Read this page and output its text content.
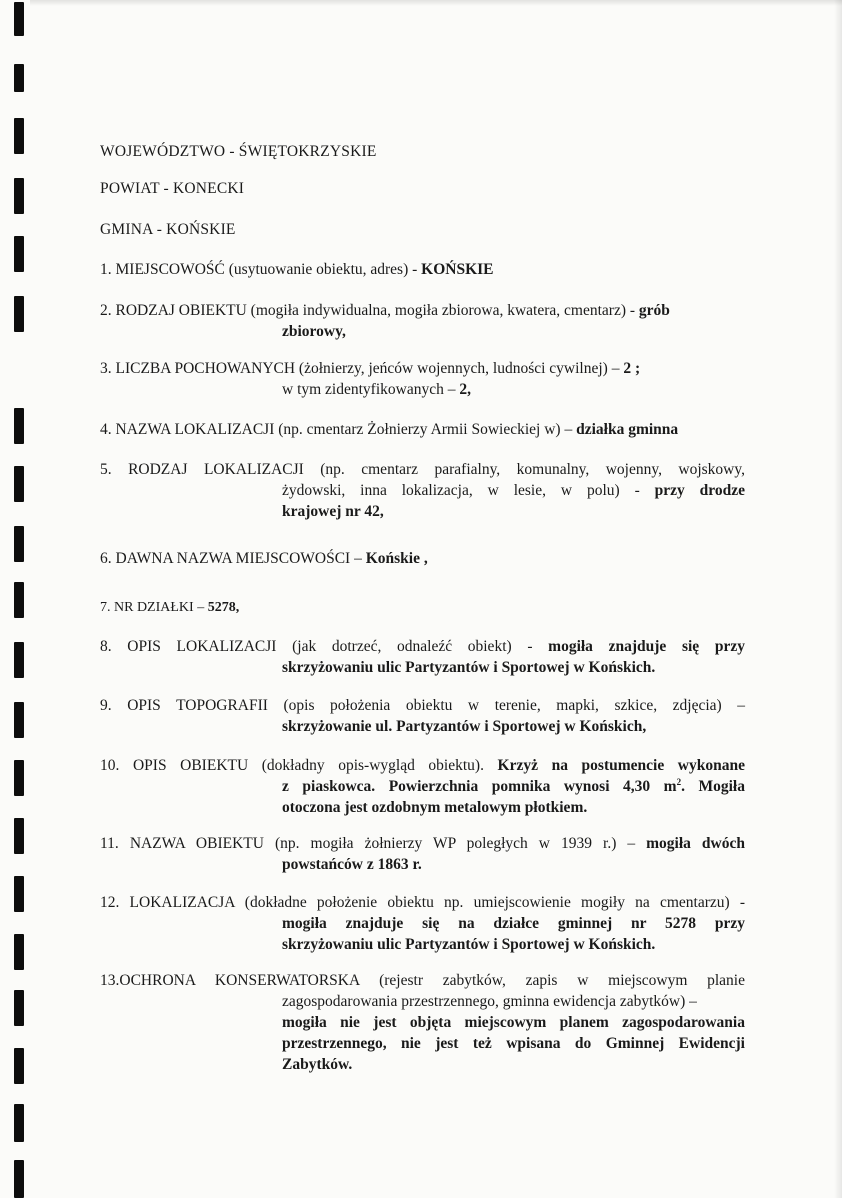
WOJEWÓDZTWO - ŚWIĘTOKRZYSKIE
POWIAT - KONECKI
GMINA - KOŃSKIE
1. MIEJSCOWOŚĆ (usytuowanie obiektu, adres) - KOŃSKIE
2. RODZAJ OBIEKTU (mogiła indywidualna, mogiła zbiorowa, kwatera, cmentarz) - grób
zbiorowy,
3. LICZBA POCHOWANYCH (żołnierzy, jeńców wojennych, ludności cywilnej) – 2 ;
w tym zidentyfikowanych – 2,
4. NAZWA LOKALIZACJI (np. cmentarz Żołnierzy Armii Sowieckiej w) – działka gminna
5. RODZAJ LOKALIZACJI (np. cmentarz parafialny, komunalny, wojenny, wojskowy,
żydowski, inna lokalizacja, w lesie, w polu) - przy drodze
krajowej nr 42,
6. DAWNA NAZWA MIEJSCOWOŚCI – Końskie ,
7. NR DZIAŁKI – 5278,
8. OPIS LOKALIZACJI (jak dotrzeć, odnaleźć obiekt) - mogiła znajduje się przy
skrzyżowaniu ulic Partyzantów i Sportowej w Końskich.
9. OPIS TOPOGRAFII (opis położenia obiektu w terenie, mapki, szkice, zdjęcia) –
skrzyżowanie ul. Partyzantów i Sportowej w Końskich,
10. OPIS OBIEKTU (dokładny opis-wygląd obiektu). Krzyż na postumencie wykonane
z piaskowca. Powierzchnia pomnika wynosi 4,30 $m^2$. Mogiła
otoczona jest ozdobnym metalowym płotkiem.
11. NAZWA OBIEKTU (np. mogiła żołnierzy WP poległych w 1939 r.) – mogiła dwóch
powstańców z 1863 r.
12. LOKALIZACJA (dokładne położenie obiektu np. umiejscowienie mogiły na cmentarzu) -
mogiła znajduje się na działce gminnej nr 5278 przy
skrzyżowaniu ulic Partyzantów i Sportowej w Końskich.
13.OCHRONA KONSERWATORSKA (rejestr zabytków, zapis w miejscowym planie
zagospodarowania przestrzennego, gminna ewidencja zabytków) –
mogiła nie jest objęta miejscowym planem zagospodarowania
przestrzennego, nie jest też wpisana do Gminnej Ewidencji
Zabytków.
